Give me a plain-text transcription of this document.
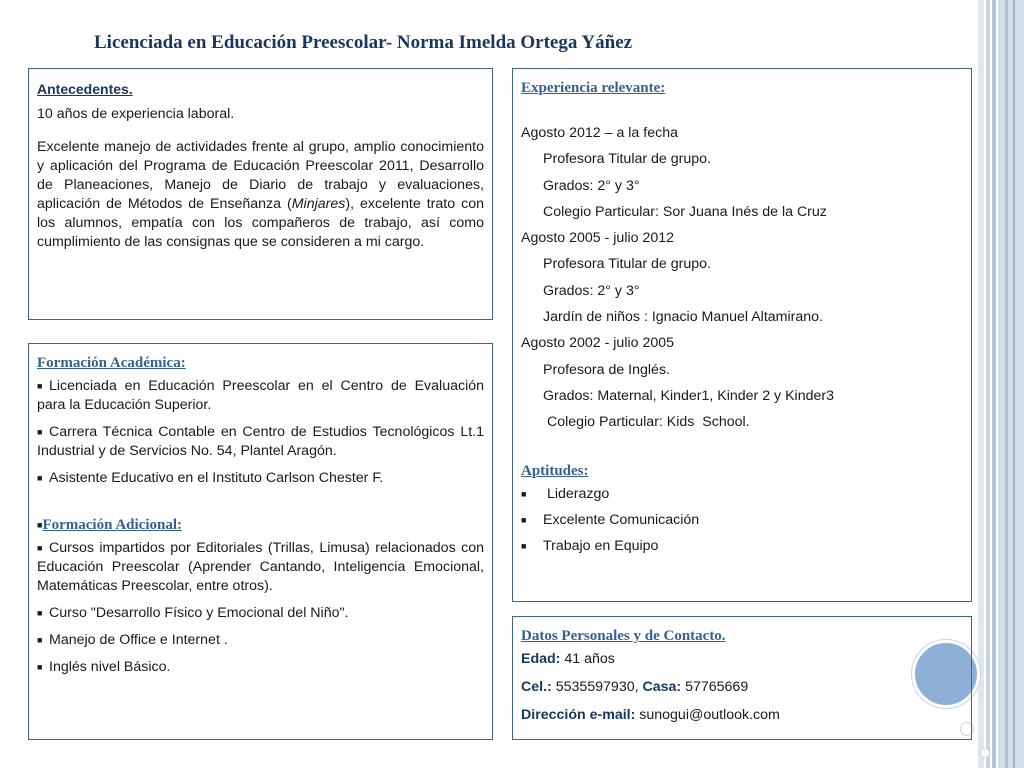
Licenciada en Educación Preescolar- Norma Imelda Ortega Yáñez
Antecedentes.

10 años de experiencia laboral.

Excelente manejo de actividades frente al grupo, amplio conocimiento y aplicación del Programa de Educación Preescolar 2011, Desarrollo de Planeaciones, Manejo de Diario de trabajo y evaluaciones, aplicación de Métodos de Enseñanza (Minjares), excelente trato con los alumnos, empatía con los compañeros de trabajo, así como cumplimiento de las consignas que se consideren a mi cargo.

Formación Académica:
■ Licenciada en Educación Preescolar en el Centro de Evaluación para la Educación Superior.
■ Carrera Técnica Contable en Centro de Estudios Tecnológicos Lt.1 Industrial y de Servicios No. 54, Plantel Aragón.
■ Asistente Educativo en el Instituto Carlson Chester F.
■Formación Adicional:
■ Cursos impartidos por Editoriales (Trillas, Limusa) relacionados con Educación Preescolar (Aprender Cantando, Inteligencia Emocional, Matemáticas Preescolar, entre otros).
■ Curso "Desarrollo Físico y Emocional del Niño".
■ Manejo de Office e Internet .
■ Inglés nivel Básico.
Experiencia relevante:
Agosto 2012 – a la fecha
Profesora Titular de grupo.
Grados: 2° y 3°
Colegio Particular: Sor Juana Inés de la Cruz
Agosto 2005 - julio 2012
Profesora Titular de grupo.
Grados: 2° y 3°
Jardín de niños : Ignacio Manuel Altamirano.
Agosto 2002 - julio 2005
Profesora de Inglés.
Grados: Maternal, Kinder1, Kinder 2 y Kinder3
Colegio Particular: Kids  School.
Aptitudes:
■ Liderazgo
■ Excelente Comunicación
■ Trabajo en Equipo
Datos Personales y de Contacto.
Edad: 41 años
Cel.: 5535597930, Casa: 57765669
Dirección e-mail: sunogui@outlook.com
